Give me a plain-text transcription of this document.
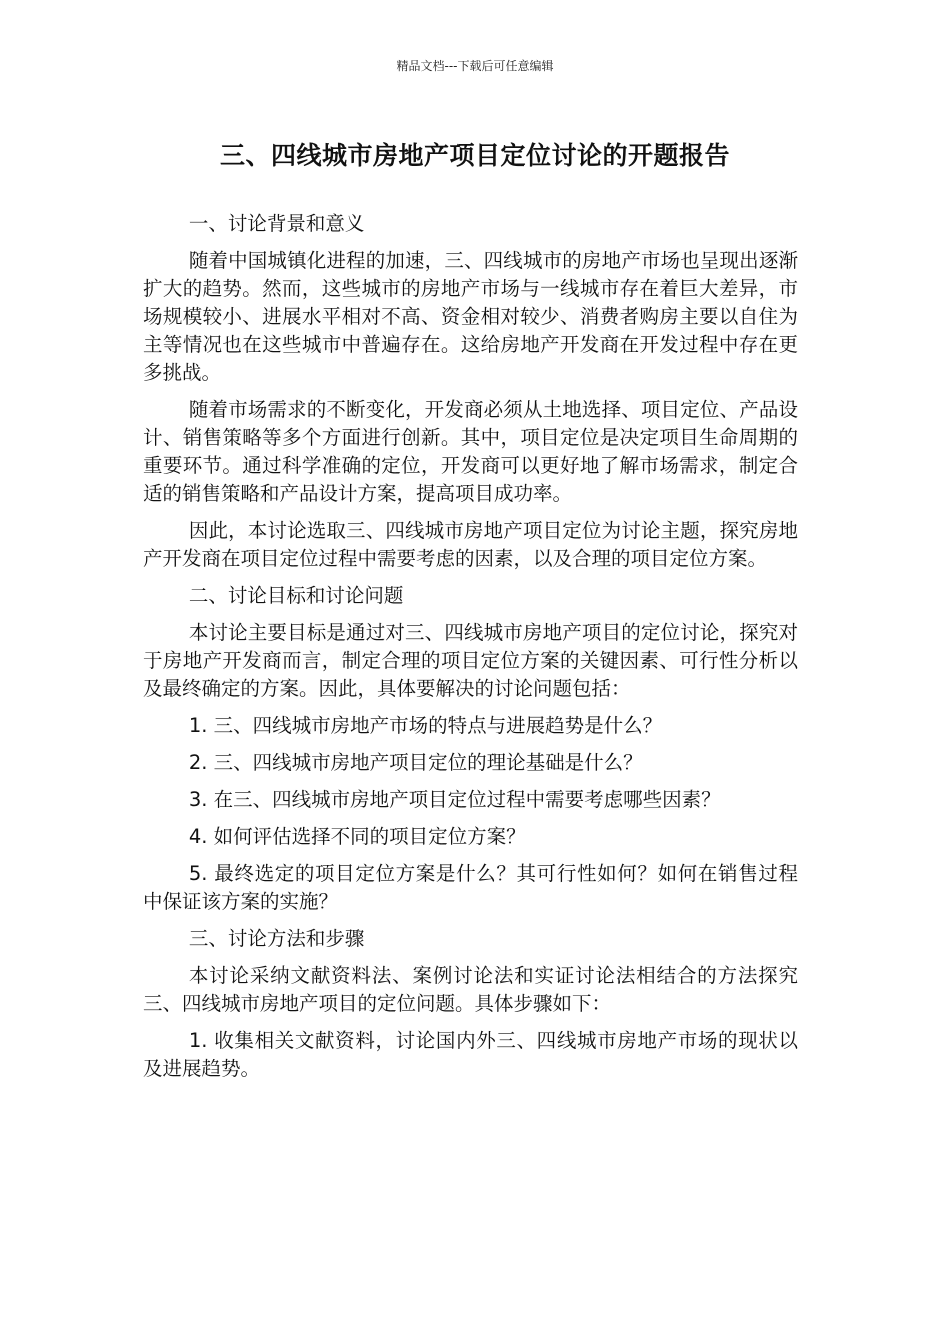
精品文档---下载后可任意编辑
三、四线城市房地产项目定位讨论的开题报告

一、讨论背景和意义

随着中国城镇化进程的加速，三、四线城市的房地产市场也呈现出逐渐扩大的趋势。然而，这些城市的房地产市场与一线城市存在着巨大差异，市场规模较小、进展水平相对不高、资金相对较少、消费者购房主要以自住为主等情况也在这些城市中普遍存在。这给房地产开发商在开发过程中存在更多挑战。

随着市场需求的不断变化，开发商必须从土地选择、项目定位、产品设计、销售策略等多个方面进行创新。其中，项目定位是决定项目生命周期的重要环节。通过科学准确的定位，开发商可以更好地了解市场需求，制定合适的销售策略和产品设计方案，提高项目成功率。

因此，本讨论选取三、四线城市房地产项目定位为讨论主题，探究房地产开发商在项目定位过程中需要考虑的因素，以及合理的项目定位方案。

二、讨论目标和讨论问题

本讨论主要目标是通过对三、四线城市房地产项目的定位讨论，探究对于房地产开发商而言，制定合理的项目定位方案的关键因素、可行性分析以及最终确定的方案。因此，具体要解决的讨论问题包括：

1. 三、四线城市房地产市场的特点与进展趋势是什么？

2. 三、四线城市房地产项目定位的理论基础是什么？

3. 在三、四线城市房地产项目定位过程中需要考虑哪些因素？

4. 如何评估选择不同的项目定位方案？

5. 最终选定的项目定位方案是什么？其可行性如何？如何在销售过程中保证该方案的实施？

三、讨论方法和步骤

本讨论采纳文献资料法、案例讨论法和实证讨论法相结合的方法探究三、四线城市房地产项目的定位问题。具体步骤如下：

1. 收集相关文献资料，讨论国内外三、四线城市房地产市场的现状以及进展趋势。
